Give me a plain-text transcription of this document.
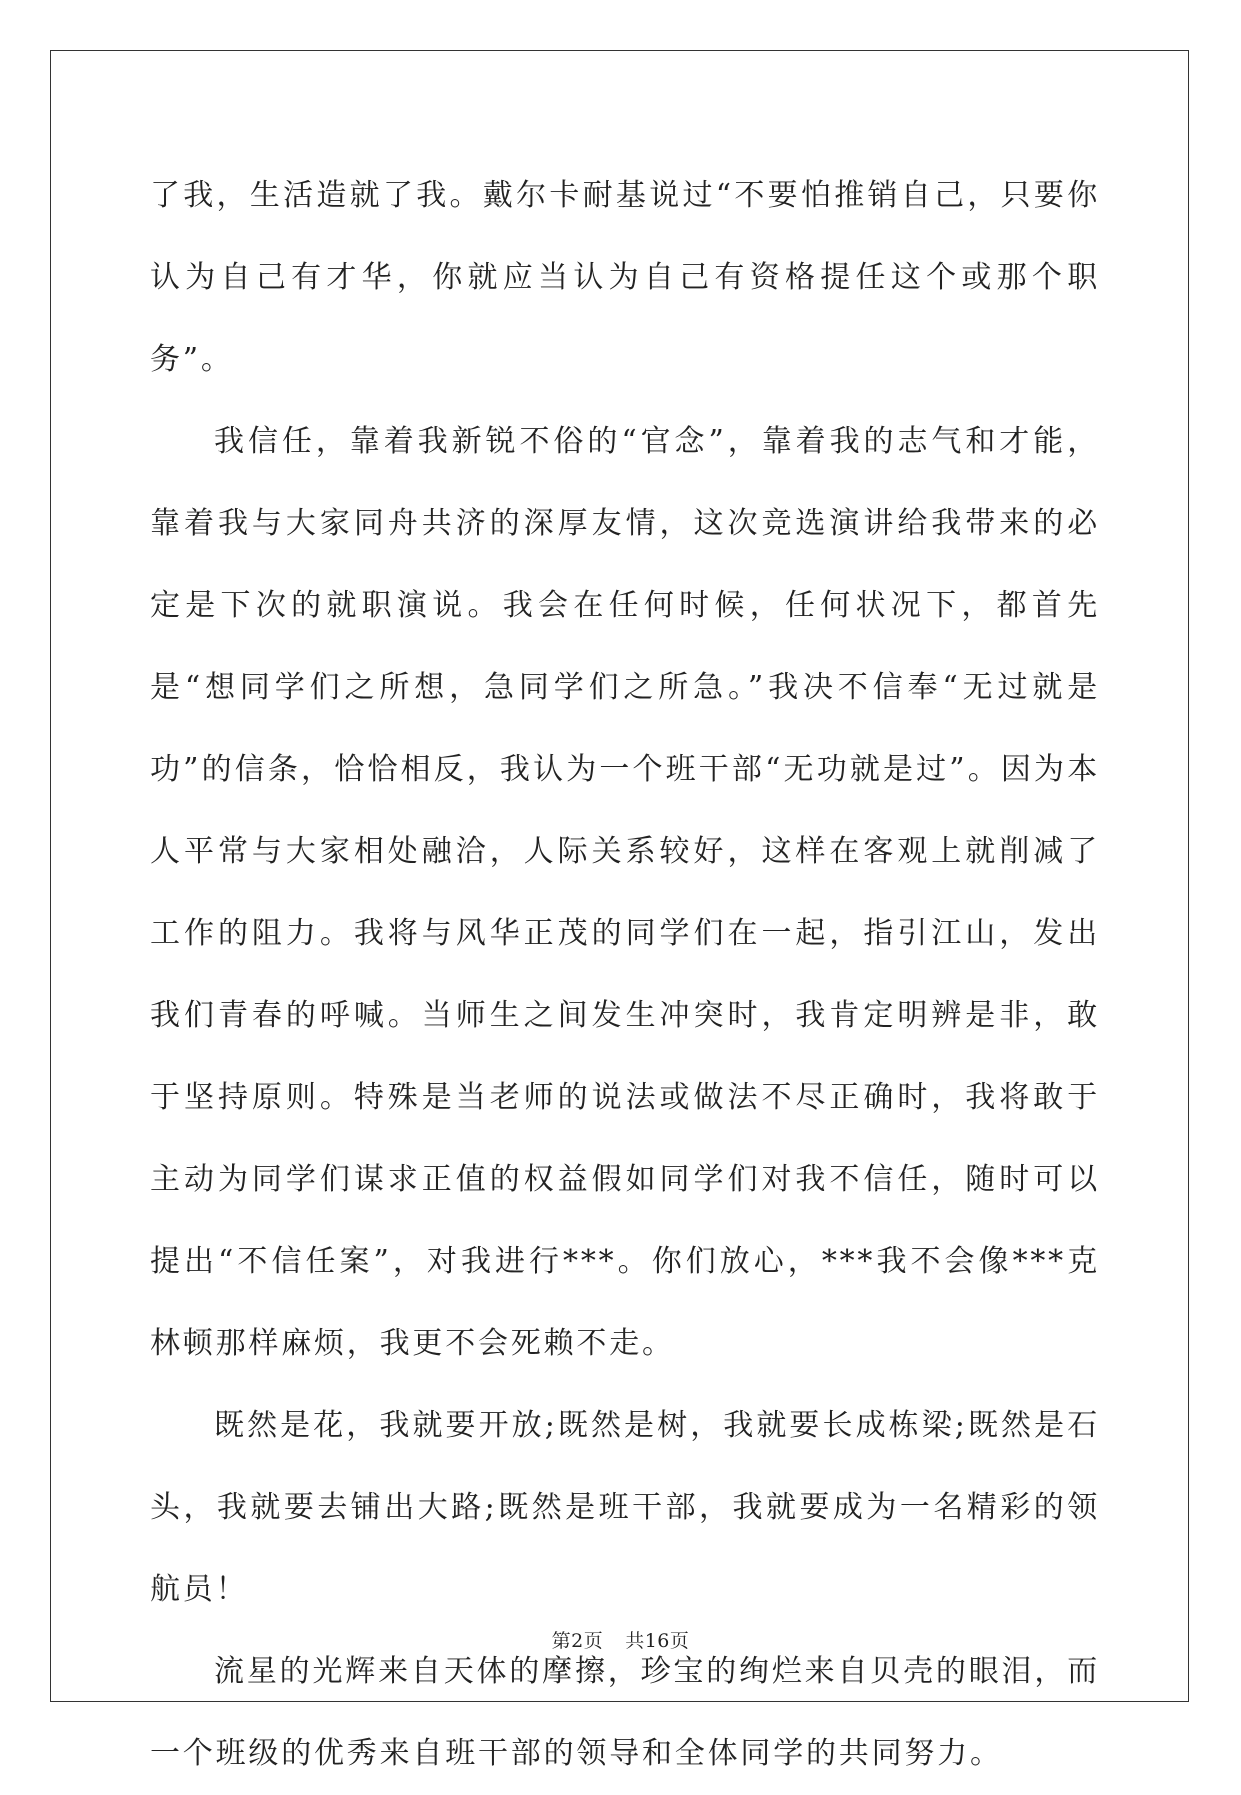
了我，生活造就了我。戴尔卡耐基说过“不要怕推销自己，只要你认为自己有才华，你就应当认为自己有资格提任这个或那个职务”。

我信任，靠着我新锐不俗的“官念”，靠着我的志气和才能，靠着我与大家同舟共济的深厚友情，这次竞选演讲给我带来的必定是下次的就职演说。我会在任何时候，任何状况下，都首先是“想同学们之所想，急同学们之所急。”我决不信奉“无过就是功”的信条，恰恰相反，我认为一个班干部“无功就是过”。因为本人平常与大家相处融洽，人际关系较好，这样在客观上就削减了工作的阻力。我将与风华正茂的同学们在一起，指引江山，发出我们青春的呼喊。当师生之间发生冲突时，我肯定明辨是非，敢于坚持原则。特殊是当老师的说法或做法不尽正确时，我将敢于主动为同学们谋求正值的权益假如同学们对我不信任，随时可以提出“不信任案”，对我进行***。你们放心，***我不会像***克林顿那样麻烦，我更不会死赖不走。

既然是花，我就要开放;既然是树，我就要长成栋梁;既然是石头，我就要去铺出大路;既然是班干部，我就要成为一名精彩的领航员！

流星的光辉来自天体的摩擦，珍宝的绚烂来自贝壳的眼泪，而一个班级的优秀来自班干部的领导和全体同学的共同努力。

第2页 共16页
